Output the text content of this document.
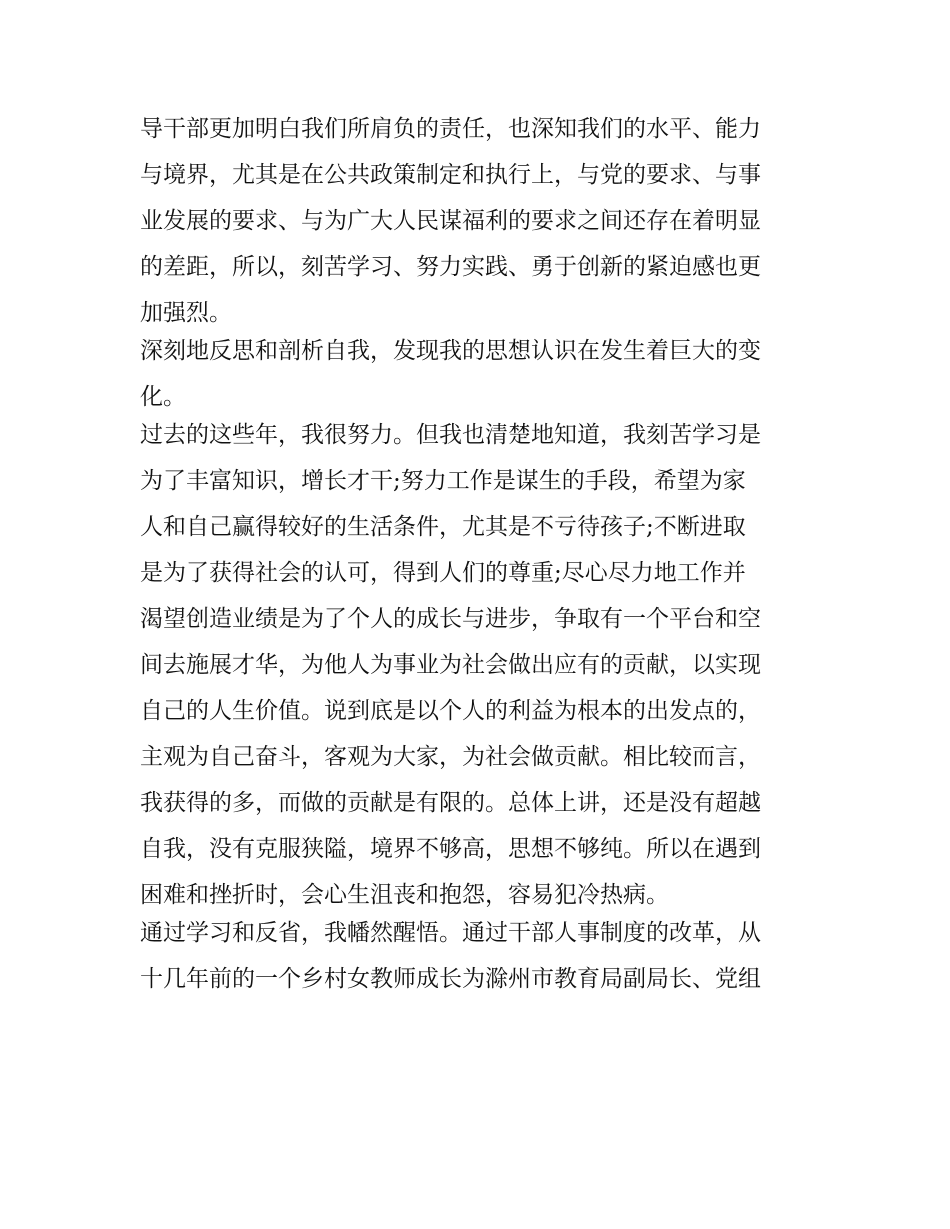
导干部更加明白我们所肩负的责任，也深知我们的水平、能力
与境界，尤其是在公共政策制定和执行上，与党的要求、与事
业发展的要求、与为广大人民谋福利的要求之间还存在着明显
的差距，所以，刻苦学习、努力实践、勇于创新的紧迫感也更
加强烈。
深刻地反思和剖析自我，发现我的思想认识在发生着巨大的变
化。
过去的这些年，我很努力。但我也清楚地知道，我刻苦学习是
为了丰富知识，增长才干;努力工作是谋生的手段，希望为家
人和自己赢得较好的生活条件，尤其是不亏待孩子;不断进取
是为了获得社会的认可，得到人们的尊重;尽心尽力地工作并
渴望创造业绩是为了个人的成长与进步，争取有一个平台和空
间去施展才华，为他人为事业为社会做出应有的贡献，以实现
自己的人生价值。说到底是以个人的利益为根本的出发点的，
主观为自己奋斗，客观为大家，为社会做贡献。相比较而言，
我获得的多，而做的贡献是有限的。总体上讲，还是没有超越
自我，没有克服狭隘，境界不够高，思想不够纯。所以在遇到
困难和挫折时，会心生沮丧和抱怨，容易犯冷热病。
通过学习和反省，我幡然醒悟。通过干部人事制度的改革，从
十几年前的一个乡村女教师成长为滁州市教育局副局长、党组
